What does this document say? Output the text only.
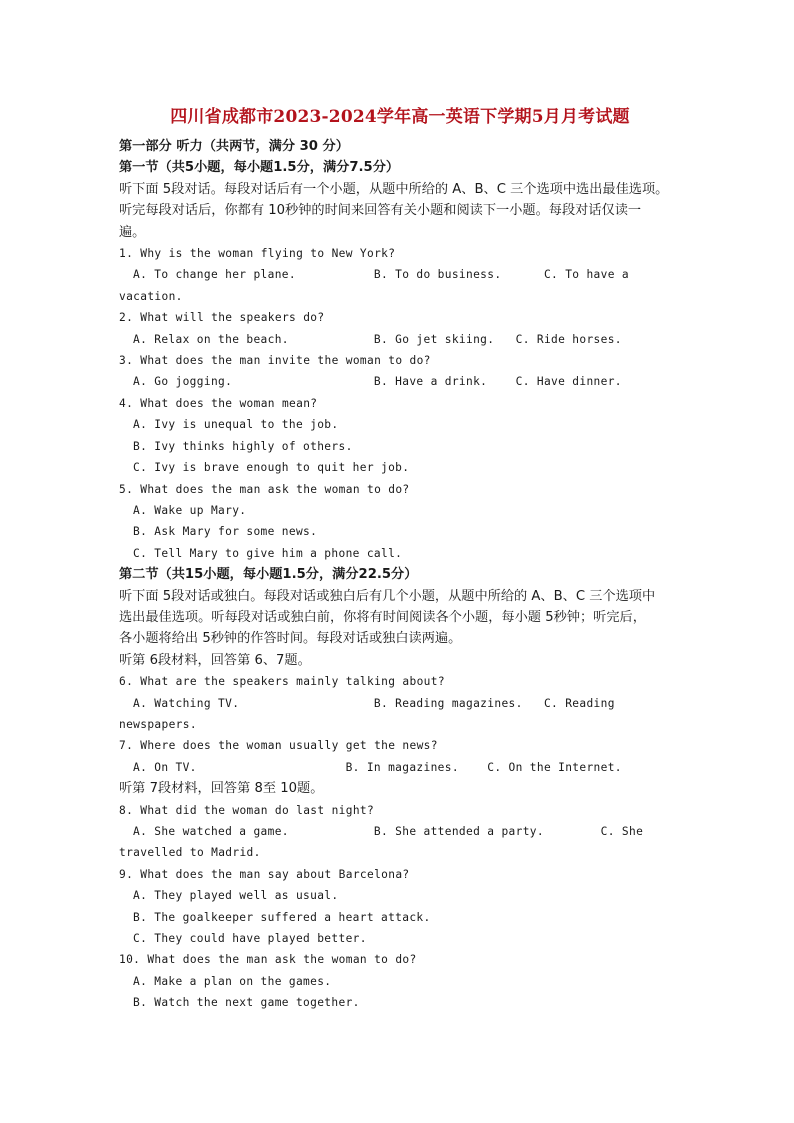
四川省成都市2023-2024学年高一英语下学期5月月考试题
第一部分 听力（共两节，满分 30 分）
第一节（共5小题，每小题1.5分，满分7.5分）
听下面 5段对话。每段对话后有一个小题，从题中所给的 A、B、C 三个选项中选出最佳选项。
听完每段对话后，你都有 10秒钟的时间来回答有关小题和阅读下一小题。每段对话仅读一
遍。
1. Why is the woman flying to New York?
A. To change her plane.           B. To do business.      C. To have a
vacation.
2. What will the speakers do?
A. Relax on the beach.            B. Go jet skiing.   C. Ride horses.
3. What does the man invite the woman to do?
A. Go jogging.                    B. Have a drink.    C. Have dinner.
4. What does the woman mean?
A. Ivy is unequal to the job.
B. Ivy thinks highly of others.
C. Ivy is brave enough to quit her job.
5. What does the man ask the woman to do?
A. Wake up Mary.
B. Ask Mary for some news.
C. Tell Mary to give him a phone call.
第二节（共15小题，每小题1.5分，满分22.5分）
听下面 5段对话或独白。每段对话或独白后有几个小题，从题中所给的 A、B、C 三个选项中
选出最佳选项。听每段对话或独白前，你将有时间阅读各个小题，每小题 5秒钟；听完后，
各小题将给出 5秒钟的作答时间。每段对话或独白读两遍。
听第 6段材料，回答第 6、7题。
6. What are the speakers mainly talking about?
A. Watching TV.                   B. Reading magazines.   C. Reading
newspapers.
7. Where does the woman usually get the news?
A. On TV.                     B. In magazines.    C. On the Internet.
听第 7段材料，回答第 8至 10题。
8. What did the woman do last night?
A. She watched a game.            B. She attended a party.        C. She
travelled to Madrid.
9. What does the man say about Barcelona?
A. They played well as usual.
B. The goalkeeper suffered a heart attack.
C. They could have played better.
10. What does the man ask the woman to do?
A. Make a plan on the games.
B. Watch the next game together.
